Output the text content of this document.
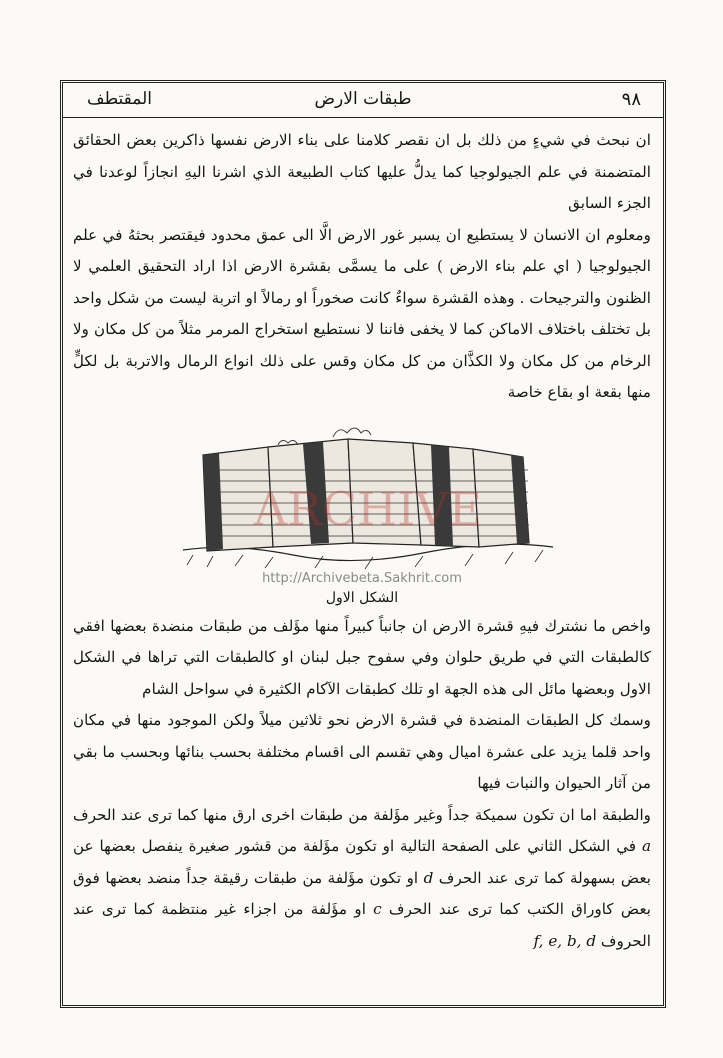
٩٨
طبقات الارض
المقتطف

ان نبحث في شيءٍ من ذلك بل ان نقصر كلامنا على بناء الارض نفسها ذاكرين بعض الحقائق المتضمنة في علم الجيولوجيا كما يدلُّ عليها كتاب الطبيعة الذي اشرنا اليهِ انجازاً لوعدنا في الجزء السابق

ومعلوم ان الانسان لا يستطيع ان يسبر غور الارض الَّا الى عمق محدود فيقتصر بحثهُ في علم الجيولوجيا ( اي علم بناء الارض ) على ما يسمَّى بقشرة الارض اذا اراد التحقيق العلمي لا الظنون والترجيحات . وهذه القشرة سواءٌ كانت صخوراً او رمالاً او اتربة ليست من شكل واحد بل تختلف باختلاف الاماكن كما لا يخفى فاننا لا نستطيع استخراج المرمر مثلاً من كل مكان ولا الرخام من كل مكان ولا الكذَّان من كل مكان وقس على ذلك انواع الرمال والاتربة بل لكلٍّ منها بقعة او بقاع خاصة

ARCHIVE
http://Archivebeta.Sakhrit.com
الشكل الاول

واخص ما نشترك فيهِ قشرة الارض ان جانباً كبيراً منها مؤَلف من طبقات منضدة بعضها افقي كالطبقات التي في طريق حلوان وفي سفوح جبل لبنان او كالطبقات التي تراها في الشكل الاول وبعضها مائل الى هذه الجهة او تلك كطبقات الآكام الكثيرة في سواحل الشام

وسمك كل الطبقات المنضدة في قشرة الارض نحو ثلاثين ميلاً ولكن الموجود منها في مكان واحد قلما يزيد على عشرة اميال وهي تقسم الى اقسام مختلفة بحسب بنائها وبحسب ما بقي من آثار الحيوان والنبات فيها

والطبقة اما ان تكون سميكة جداً وغير مؤَلفة من طبقات اخرى ارق منها كما ترى عند الحرف a في الشكل الثاني على الصفحة التالية او تكون مؤَلفة من قشور صغيرة ينفصل بعضها عن بعض بسهولة كما ترى عند الحرف d او تكون مؤَلفة من طبقات رقيقة جداً منضد بعضها فوق بعض كاوراق الكتب كما ترى عند الحرف c او مؤَلفة من اجزاء غير منتظمة كما ترى عند الحروف f, e, b, d
